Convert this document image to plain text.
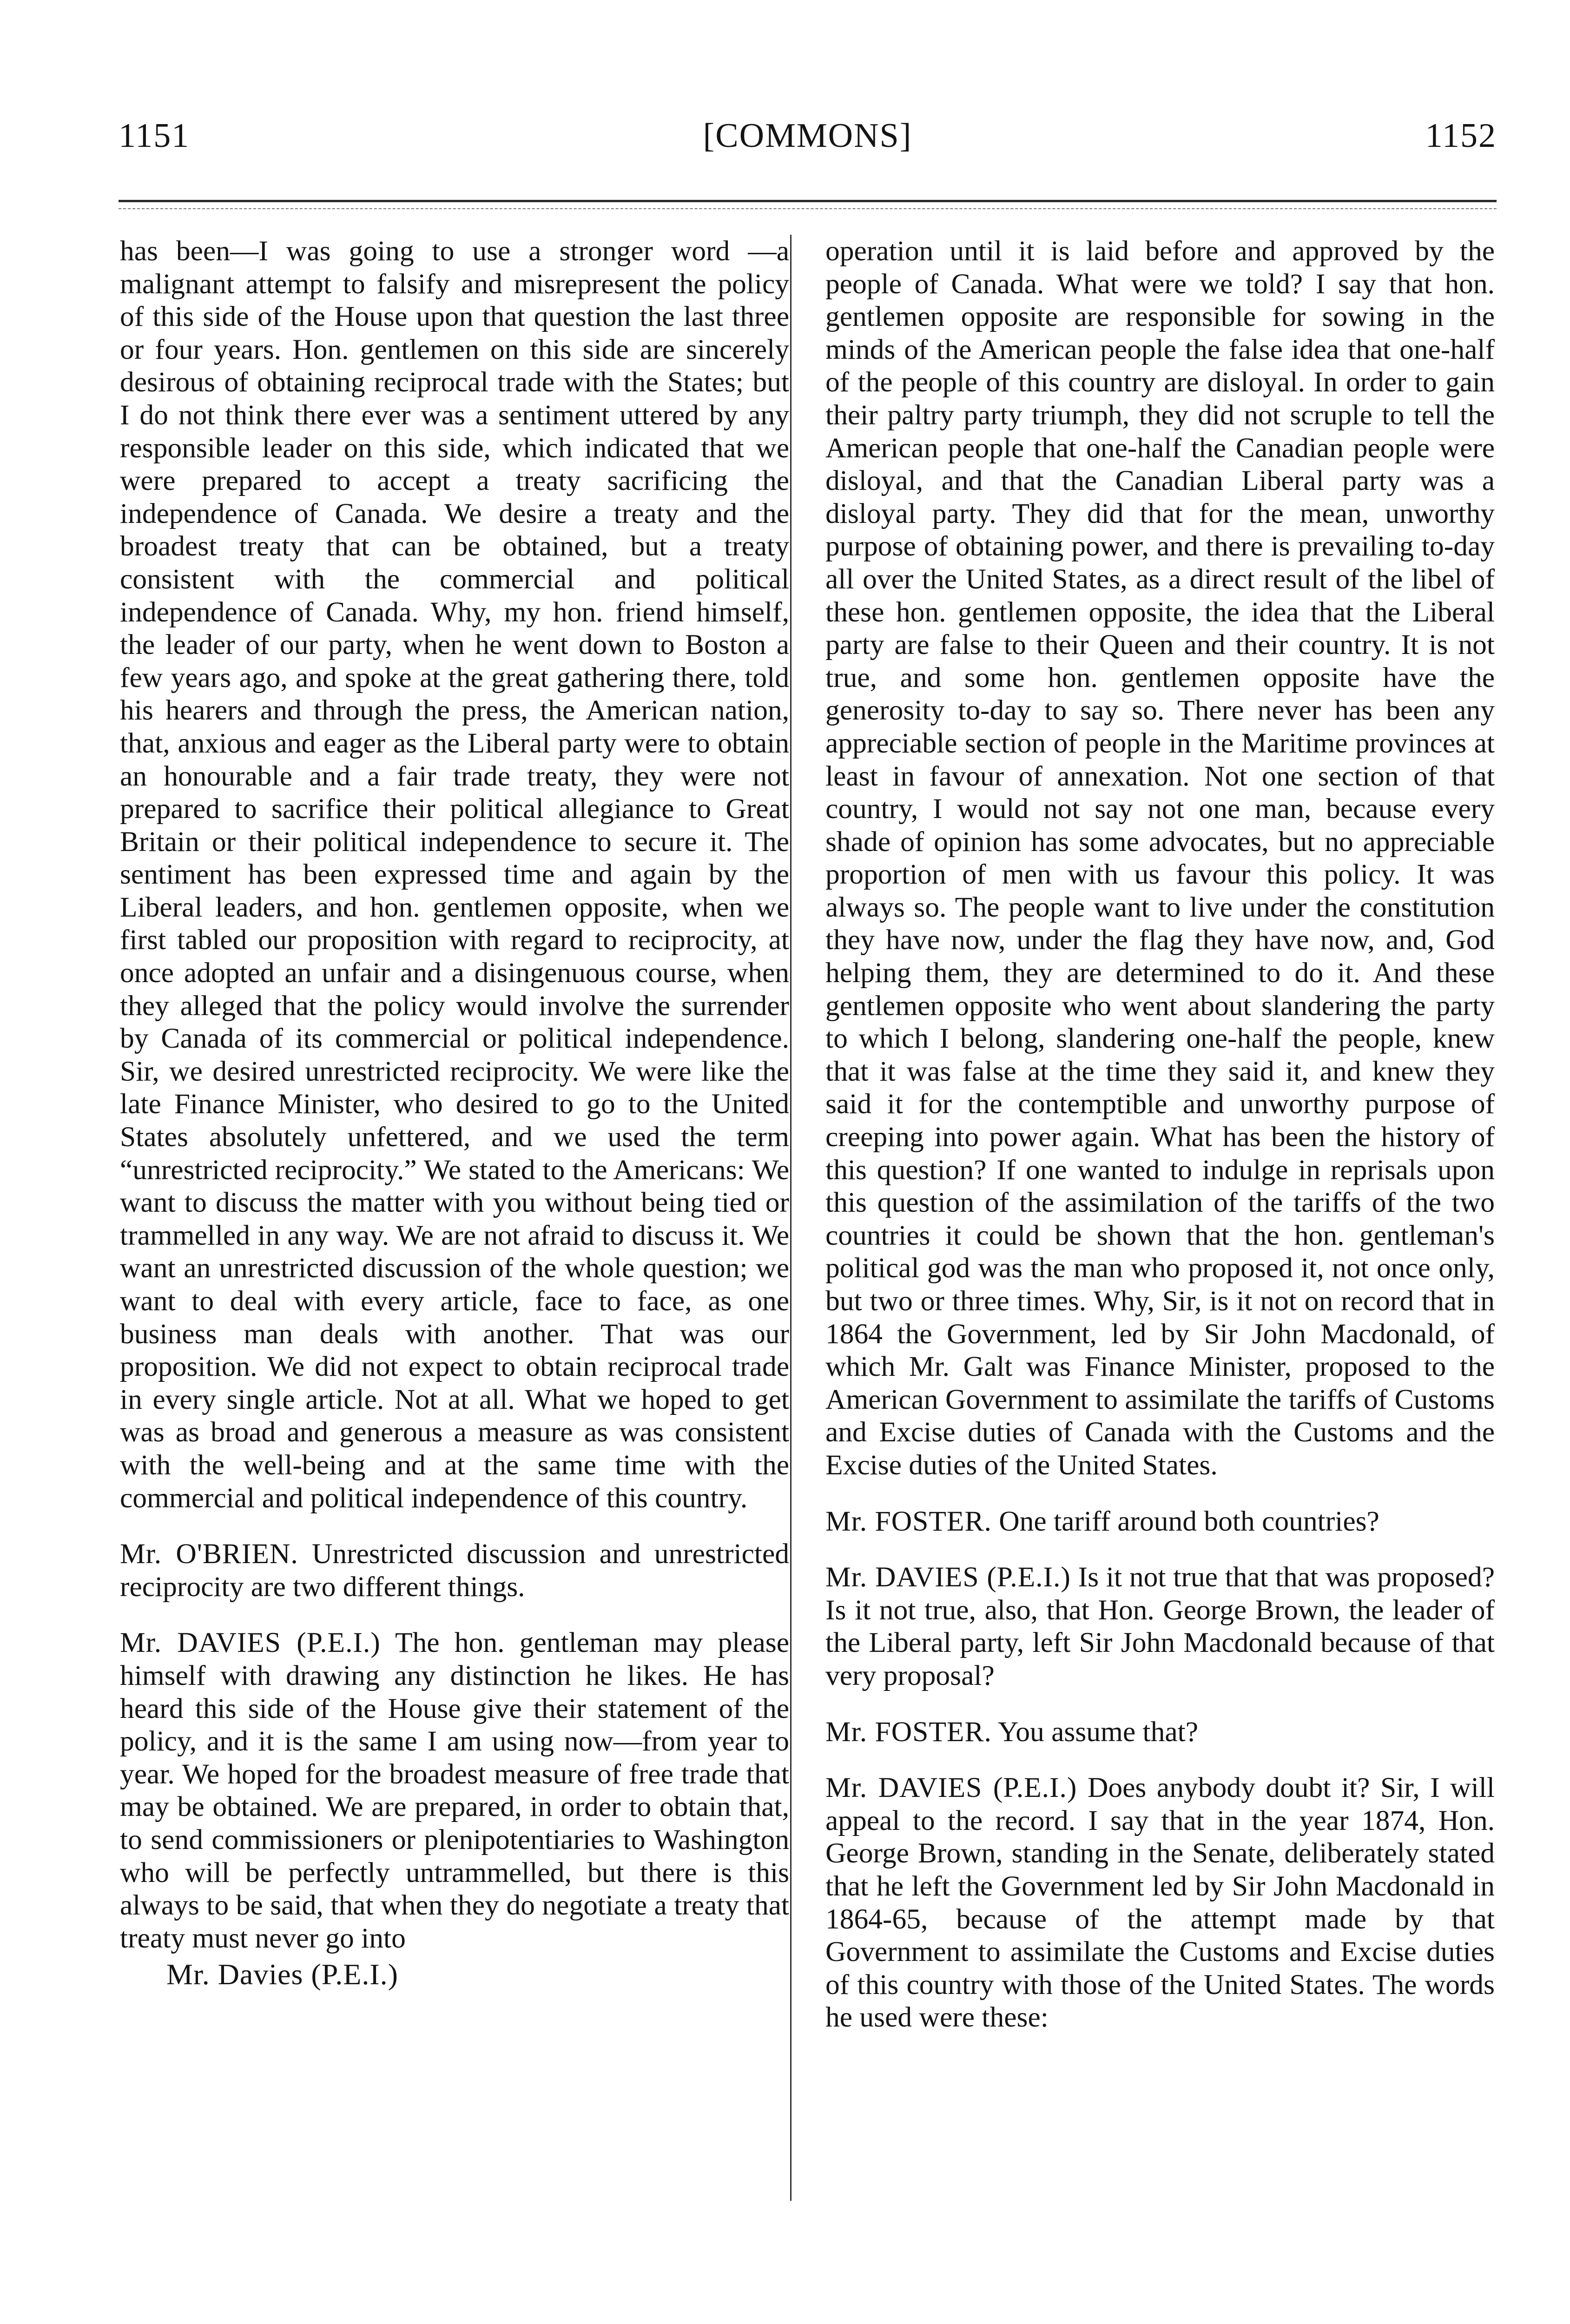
1151	[COMMONS]	1152

has been—I was going to use a stronger word —a malignant attempt to falsify and misrepresent the policy of this side of the House upon that question the last three or four years. Hon. gentlemen on this side are sincerely desirous of obtaining reciprocal trade with the States; but I do not think there ever was a sentiment uttered by any responsible leader on this side, which indicated that we were prepared to accept a treaty sacrificing the independence of Canada. We desire a treaty and the broadest treaty that can be obtained, but a treaty consistent with the commercial and political independence of Canada. Why, my hon. friend himself, the leader of our party, when he went down to Boston a few years ago, and spoke at the great gathering there, told his hearers and through the press, the American nation, that, anxious and eager as the Liberal party were to obtain an honourable and a fair trade treaty, they were not prepared to sacrifice their political allegiance to Great Britain or their political independence to secure it. The sentiment has been expressed time and again by the Liberal leaders, and hon. gentlemen opposite, when we first tabled our proposition with regard to reciprocity, at once adopted an unfair and a disingenuous course, when they alleged that the policy would involve the surrender by Canada of its commercial or political independence. Sir, we desired unrestricted reciprocity. We were like the late Finance Minister, who desired to go to the United States absolutely unfettered, and we used the term “unrestricted reciprocity.” We stated to the Americans: We want to discuss the matter with you without being tied or trammelled in any way. We are not afraid to discuss it. We want an unrestricted discussion of the whole question; we want to deal with every article, face to face, as one business man deals with another. That was our proposition. We did not expect to obtain reciprocal trade in every single article. Not at all. What we hoped to get was as broad and generous a measure as was consistent with the well-being and at the same time with the commercial and political independence of this country.

Mr. O'BRIEN. Unrestricted discussion and unrestricted reciprocity are two different things.

Mr. DAVIES (P.E.I.) The hon. gentleman may please himself with drawing any distinction he likes. He has heard this side of the House give their statement of the policy, and it is the same I am using now—from year to year. We hoped for the broadest measure of free trade that may be obtained. We are prepared, in order to obtain that, to send commissioners or plenipotentiaries to Washington who will be perfectly untrammelled, but there is this always to be said, that when they do negotiate a treaty that treaty must never go into

Mr. Davies (P.E.I.)

operation until it is laid before and approved by the people of Canada. What were we told? I say that hon. gentlemen opposite are responsible for sowing in the minds of the American people the false idea that one-half of the people of this country are disloyal. In order to gain their paltry party triumph, they did not scruple to tell the American people that one-half the Canadian people were disloyal, and that the Canadian Liberal party was a disloyal party. They did that for the mean, unworthy purpose of obtaining power, and there is prevailing to-day all over the United States, as a direct result of the libel of these hon. gentlemen opposite, the idea that the Liberal party are false to their Queen and their country. It is not true, and some hon. gentlemen opposite have the generosity to-day to say so. There never has been any appreciable section of people in the Maritime provinces at least in favour of annexation. Not one section of that country, I would not say not one man, because every shade of opinion has some advocates, but no appreciable proportion of men with us favour this policy. It was always so. The people want to live under the constitution they have now, under the flag they have now, and, God helping them, they are determined to do it. And these gentlemen opposite who went about slandering the party to which I belong, slandering one-half the people, knew that it was false at the time they said it, and knew they said it for the contemptible and unworthy purpose of creeping into power again. What has been the history of this question? If one wanted to indulge in reprisals upon this question of the assimilation of the tariffs of the two countries it could be shown that the hon. gentleman's political god was the man who proposed it, not once only, but two or three times. Why, Sir, is it not on record that in 1864 the Government, led by Sir John Macdonald, of which Mr. Galt was Finance Minister, proposed to the American Government to assimilate the tariffs of Customs and Excise duties of Canada with the Customs and the Excise duties of the United States.

Mr. FOSTER. One tariff around both countries?

Mr. DAVIES (P.E.I.) Is it not true that that was proposed? Is it not true, also, that Hon. George Brown, the leader of the Liberal party, left Sir John Macdonald because of that very proposal?

Mr. FOSTER. You assume that?

Mr. DAVIES (P.E.I.) Does anybody doubt it? Sir, I will appeal to the record. I say that in the year 1874, Hon. George Brown, standing in the Senate, deliberately stated that he left the Government led by Sir John Macdonald in 1864-65, because of the attempt made by that Government to assimilate the Customs and Excise duties of this country with those of the United States. The words he used were these:
